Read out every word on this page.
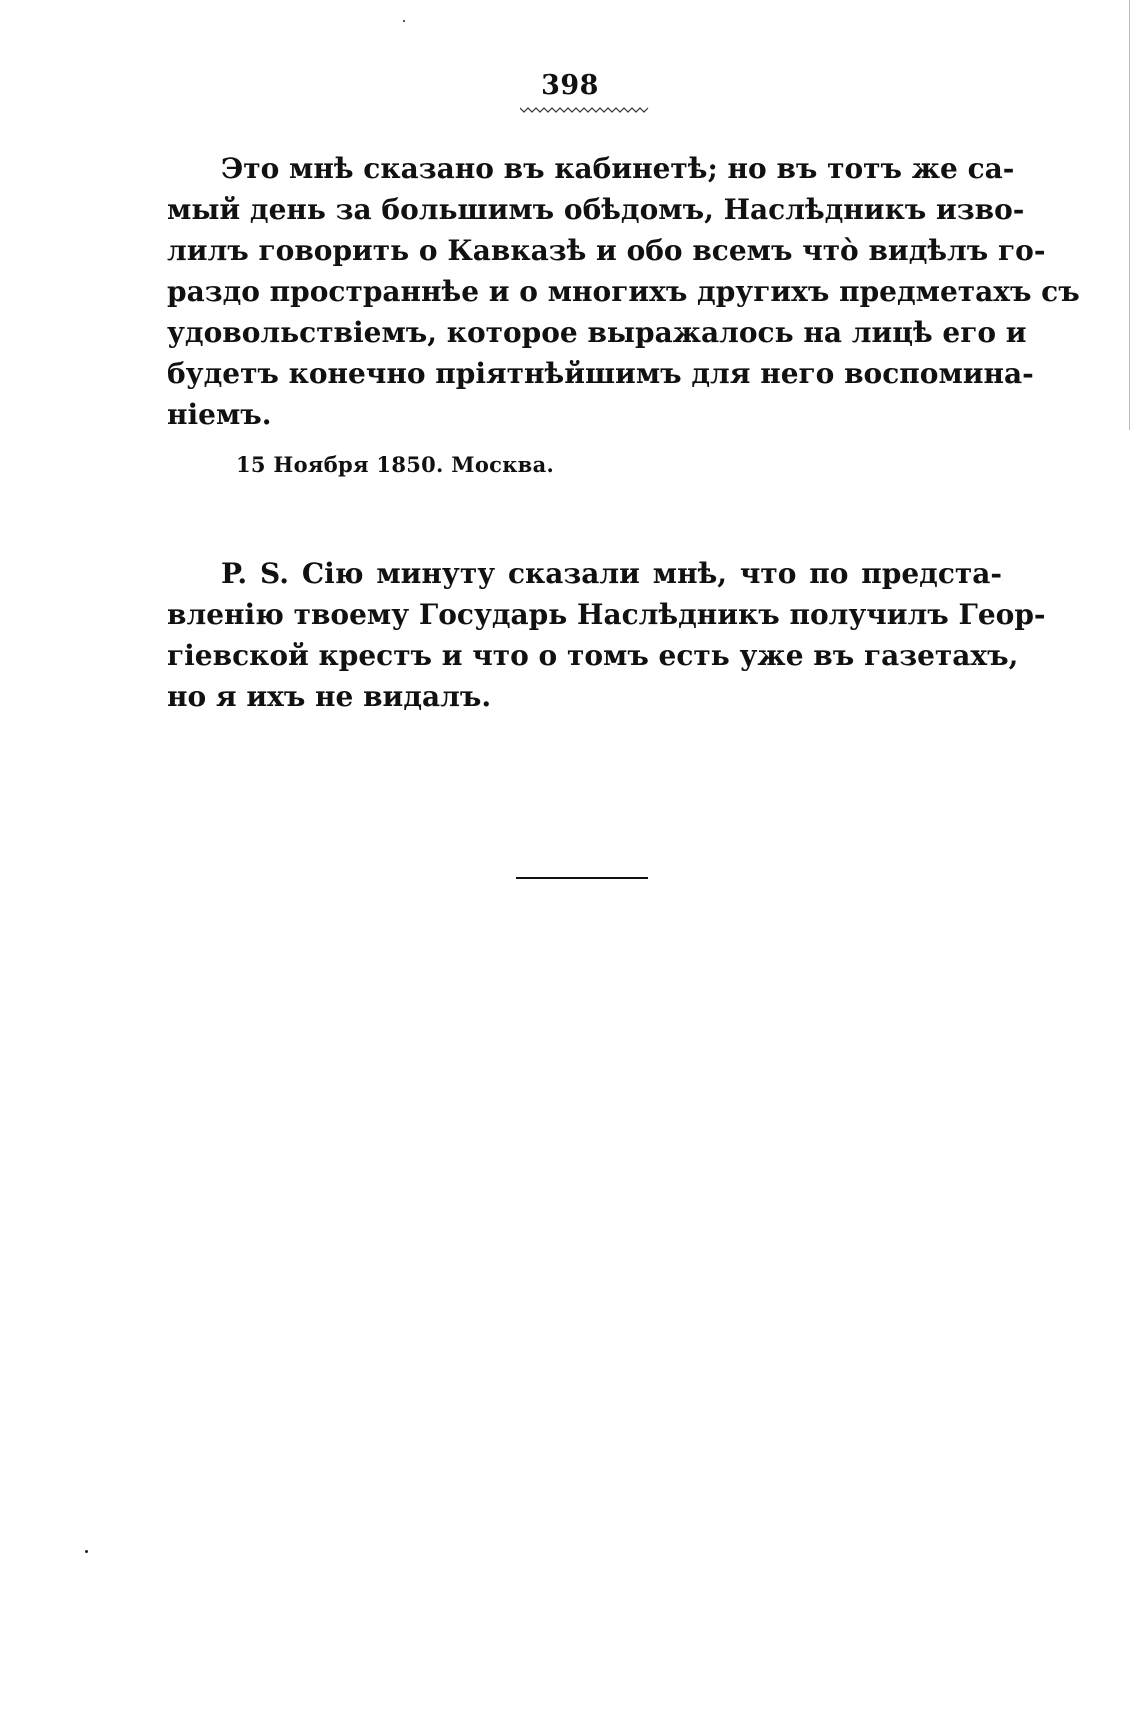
398
Это мнѣ сказано въ кабинетѣ; но въ тотъ же са-
мый день за большимъ обѣдомъ, Наслѣдникъ изво-
лилъ говорить о Кавказѣ и обо всемъ что̀ видѣлъ го-
раздо пространнѣе и о многихъ другихъ предметахъ съ
удовольствiемъ, которое выражалось на лицѣ его и
будетъ конечно прiятнѣйшимъ для него воспомина-
нiемъ.
15 Ноября 1850. Москва.
P. S. Сiю минуту сказали мнѣ, что по предста-
вленiю твоему Государь Наслѣдникъ получилъ Геор-
гiевской крестъ и что о томъ есть уже въ газетахъ,
но я ихъ не видалъ.
